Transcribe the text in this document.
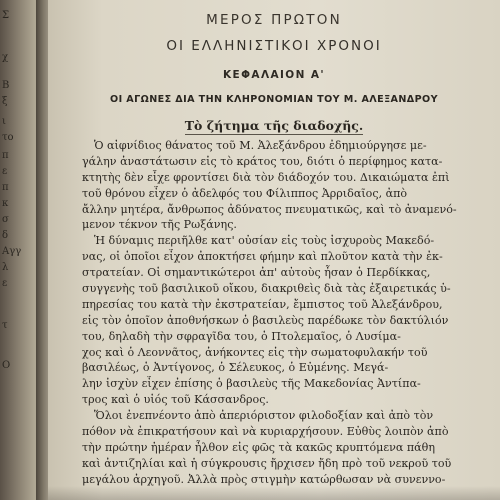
Σ
χ
Β
ξ
ι
το
π
ε
π
κ
σ
δ
Αγγ
λ
ε
τ
Ο
ΜΕΡΟΣ ΠΡΩΤΟΝ
ΟΙ ΕΛΛΗΝΙΣΤΙΚΟΙ ΧΡΟΝΟΙ
ΚΕΦΑΛΑΙΟΝ Α'
ΟΙ ΑΓΩΝΕΣ ΔΙΑ ΤΗΝ ΚΛΗΡΟΝΟΜΙΑΝ ΤΟΥ Μ. ΑΛΕΞΑΝΔΡΟΥ
Τὸ ζήτημα τῆς διαδοχῆς.
Ὁ αἰφνίδιος θάνατος τοῦ Μ. Ἀλεξάνδρου ἐδημιούργησε με-
γάλην ἀναστάτωσιν εἰς τὸ κράτος του, διότι ὁ περίφημος κατα-
κτητὴς δὲν εἶχε φροντίσει διὰ τὸν διάδοχόν του. Δικαιώματα ἐπὶ
τοῦ θρόνου εἶχεν ὁ ἀδελφός του Φίλιππος Ἀρριδαῖος, ἀπὸ
ἄλλην μητέρα, ἄνθρωπος ἀδύνατος πνευματικῶς, καὶ τὸ ἀναμενό-
μενον τέκνον τῆς Ρωξάνης.
Ἡ δύναμις περιῆλθε κατ' οὐσίαν εἰς τοὺς ἰσχυροὺς Μακεδό-
νας, οἱ ὁποῖοι εἶχον ἀποκτήσει φήμην καὶ πλοῦτον κατὰ τὴν ἐκ-
στρατείαν. Οἱ σημαντικώτεροι ἀπ' αὐτοὺς ἦσαν ὁ Περδίκκας,
συγγενὴς τοῦ βασιλικοῦ οἴκου, διακριθεὶς διὰ τὰς ἐξαιρετικάς ὑ-
πηρεσίας του κατὰ τὴν ἐκστρατείαν, ἔμπιστος τοῦ Ἀλεξάνδρου,
εἰς τὸν ὁποῖον ἀποθνήσκων ὁ βασιλεὺς παρέδωκε τὸν δακτύλιόν
του, δηλαδὴ τὴν σφραγῖδα του, ὁ Πτολεμαῖος, ὁ Λυσίμα-
χος καὶ ὁ Λεοννᾶτος, ἀνήκοντες εἰς τὴν σωματοφυλακήν τοῦ
βασιλέως, ὁ Ἀντίγονος, ὁ Σέλευκος, ὁ Εὐμένης. Μεγά-
λην ἰσχὺν εἶχεν ἐπίσης ὁ βασιλεὺς τῆς Μακεδονίας Ἀντίπα-
τρος καὶ ὁ υἱός τοῦ Κάσσανδρος.
Ὅλοι ἐνεπνέοντο ἀπὸ ἀπεριόριστον φιλοδοξίαν καὶ ἀπὸ τὸν
πόθον νὰ ἐπικρατήσουν καὶ νὰ κυριαρχήσουν. Εὐθὺς λοιπὸν ἀπὸ
τὴν πρώτην ἡμέραν ἦλθον εἰς φῶς τὰ κακῶς κρυπτόμενα πάθη
καὶ ἀντιζηλίαι καὶ ἡ σύγκρουσις ἤρχισεν ἤδη πρὸ τοῦ νεκροῦ τοῦ
μεγάλου ἀρχηγοῦ. Ἀλλὰ πρὸς στιγμὴν κατώρθωσαν νὰ συνεννο-
